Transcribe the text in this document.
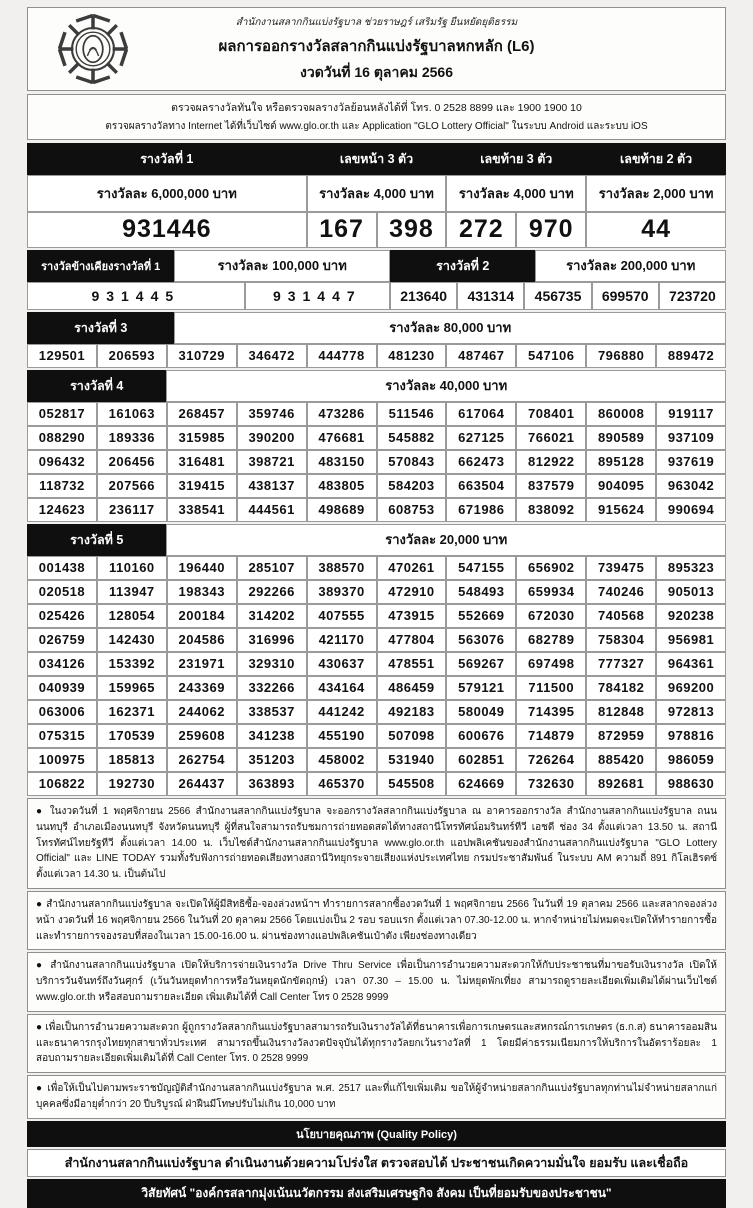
สำนักงานสลากกินแบ่งรัฐบาล ช่วยราษฎร์ เสริมรัฐ ยืนหยัดยุติธรรม
ผลการออกรางวัลสลากกินแบ่งรัฐบาลหกหลัก (L6)
งวดวันที่ 16 ตุลาคม 2566
ตรวจผลรางวัลทันใจ หรือตรวจผลรางวัลย้อนหลังได้ที่ โทร. 0 2528 8899 และ 1900 1900 10
ตรวจผลรางวัลทาง Internet ได้ที่เว็บไซต์ www.glo.or.th และ Application "GLO Lottery Official" ในระบบ Android และระบบ iOS
รางวัลที่ 1	เลขหน้า 3 ตัว	เลขท้าย 3 ตัว	เลขท้าย 2 ตัว
รางวัลละ 6,000,000 บาท	รางวัลละ 4,000 บาท	รางวัลละ 4,000 บาท	รางวัลละ 2,000 บาท
931446	167	398	272	970	44
รางวัลข้างเคียงรางวัลที่ 1	รางวัลละ 100,000 บาท	รางวัลที่ 2	รางวัลละ 200,000 บาท
931445	931447	213640	431314	456735	699570	723720
รางวัลที่ 3	รางวัลละ 80,000 บาท
129501	206593	310729	346472	444778	481230	487467	547106	796880	889472
รางวัลที่ 4	รางวัลละ 40,000 บาท
052817	161063	268457	359746	473286	511546	617064	708401	860008	919117
088290	189336	315985	390200	476681	545882	627125	766021	890589	937109
096432	206456	316481	398721	483150	570843	662473	812922	895128	937619
118732	207566	319415	438137	483805	584203	663504	837579	904095	963042
124623	236117	338541	444561	498689	608753	671986	838092	915624	990694
รางวัลที่ 5	รางวัลละ 20,000 บาท
001438	110160	196440	285107	388570	470261	547155	656902	739475	895323
020518	113947	198343	292266	389370	472910	548493	659934	740246	905013
025426	128054	200184	314202	407555	473915	552669	672030	740568	920238
026759	142430	204586	316996	421170	477804	563076	682789	758304	956981
034126	153392	231971	329310	430637	478551	569267	697498	777327	964361
040939	159965	243369	332266	434164	486459	579121	711500	784182	969200
063006	162371	244062	338537	441242	492183	580049	714395	812848	972813
075315	170539	259608	341238	455190	507098	600676	714879	872959	978816
100975	185813	262754	351203	458002	531940	602851	726264	885420	986059
106822	192730	264437	363893	465370	545508	624669	732630	892681	988630
● ในงวดวันที่ 1 พฤศจิกายน 2566 สำนักงานสลากกินแบ่งรัฐบาล จะออกรางวัลสลากกินแบ่งรัฐบาล ณ อาคารออกรางวัล สำนักงานสลากกินแบ่งรัฐบาล ถนนนนทบุรี อำเภอเมืองนนทบุรี จังหวัดนนทบุรี ผู้ที่สนใจสามารถรับชมการถ่ายทอดสดได้ทางสถานีโทรทัศน์อมรินทร์ทีวี เอชดี ช่อง 34 ตั้งแต่เวลา 13.50 น. สถานีโทรทัศน์ไทยรัฐทีวี ตั้งแต่เวลา 14.00 น. เว็บไซต์สำนักงานสลากกินแบ่งรัฐบาล www.glo.or.th แอปพลิเคชันของสำนักงานสลากกินแบ่งรัฐบาล "GLO Lottery Official" และ LINE TODAY รวมทั้งรับฟังการถ่ายทอดเสียงทางสถานีวิทยุกระจายเสียงแห่งประเทศไทย กรมประชาสัมพันธ์ ในระบบ AM ความถี่ 891 กิโลเฮิรตซ์ ตั้งแต่เวลา 14.30 น. เป็นต้นไป
● สำนักงานสลากกินแบ่งรัฐบาล จะเปิดให้ผู้มีสิทธิซื้อ-จองล่วงหน้าฯ ทำรายการสลากซื้องวดวันที่ 1 พฤศจิกายน 2566 ในวันที่ 19 ตุลาคม 2566 และสลากจองล่วงหน้า งวดวันที่ 16 พฤศจิกายน 2566 ในวันที่ 20 ตุลาคม 2566 โดยแบ่งเป็น 2 รอบ รอบแรก ตั้งแต่เวลา 07.30-12.00 น. หากจำหน่ายไม่หมดจะเปิดให้ทำรายการซื้อ และทำรายการจองรอบที่สองในเวลา 15.00-16.00 น. ผ่านช่องทางแอปพลิเคชันเป๋าตัง เพียงช่องทางเดียว
● สำนักงานสลากกินแบ่งรัฐบาล เปิดให้บริการจ่ายเงินรางวัล Drive Thru Service เพื่อเป็นการอำนวยความสะดวกให้กับประชาชนที่มาขอรับเงินรางวัล เปิดให้บริการวันจันทร์ถึงวันศุกร์ (เว้นวันหยุดทำการหรือวันหยุดนักขัตฤกษ์) เวลา 07.30 – 15.00 น. ไม่หยุดพักเที่ยง สามารถดูรายละเอียดเพิ่มเติมได้ผ่านเว็บไซต์ www.glo.or.th หรือสอบถามรายละเอียด เพิ่มเติมได้ที่ Call Center โทร 0 2528 9999
● เพื่อเป็นการอำนวยความสะดวก ผู้ถูกรางวัลสลากกินแบ่งรัฐบาลสามารถรับเงินรางวัลได้ที่ธนาคารเพื่อการเกษตรและสหกรณ์การเกษตร (ธ.ก.ส) ธนาคารออมสิน และธนาคารกรุงไทยทุกสาขาทั่วประเทศ สามารถขึ้นเงินรางวัลงวดปัจจุบันได้ทุกรางวัลยกเว้นรางวัลที่ 1 โดยมีค่าธรรมเนียมการให้บริการในอัตราร้อยละ 1 สอบถามรายละเอียดเพิ่มเติมได้ที่ Call Center โทร. 0 2528 9999
● เพื่อให้เป็นไปตามพระราชบัญญัติสำนักงานสลากกินแบ่งรัฐบาล พ.ศ. 2517 และที่แก้ไขเพิ่มเติม ขอให้ผู้จำหน่ายสลากกินแบ่งรัฐบาลทุกท่านไม่จำหน่ายสลากแก่บุคคลซึ่งมีอายุต่ำกว่า 20 ปีบริบูรณ์ ฝ่าฝืนมีโทษปรับไม่เกิน 10,000 บาท
นโยบายคุณภาพ (Quality Policy)
สำนักงานสลากกินแบ่งรัฐบาล ดำเนินงานด้วยความโปร่งใส ตรวจสอบได้ ประชาชนเกิดความมั่นใจ ยอมรับ และเชื่อถือ
วิสัยทัศน์ "องค์กรสลากมุ่งเน้นนวัตกรรม ส่งเสริมเศรษฐกิจ สังคม เป็นที่ยอมรับของประชาชน"
